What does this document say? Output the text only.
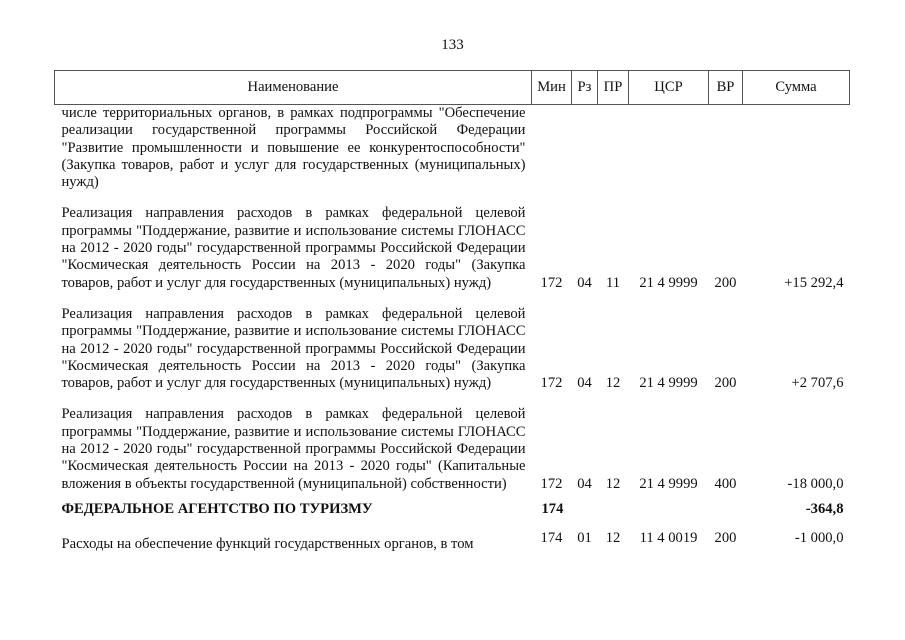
133
Наименование	Мин	Рз	ПР	ЦСР	ВР	Сумма
числе территориальных органов, в рамках подпрограммы "Обеспечение реализации государственной программы Российской Федерации "Развитие промышленности и повышение ее конкурентоспособности" (Закупка товаров, работ и услуг для государственных (муниципальных) нужд)						

Реализация направления расходов в рамках федеральной целевой программы "Поддержание, развитие и использование системы ГЛОНАСС на 2012 - 2020 годы" государственной программы Российской Федерации "Космическая деятельность России на 2013 - 2020 годы" (Закупка товаров, работ и услуг для государственных (муниципальных) нужд)	172	04	11	21 4 9999	200	+15 292,4

Реализация направления расходов в рамках федеральной целевой программы "Поддержание, развитие и использование системы ГЛОНАСС на 2012 - 2020 годы" государственной программы Российской Федерации "Космическая деятельность России на 2013 - 2020 годы" (Закупка товаров, работ и услуг для государственных (муниципальных) нужд)	172	04	12	21 4 9999	200	+2 707,6

Реализация направления расходов в рамках федеральной целевой программы "Поддержание, развитие и использование системы ГЛОНАСС на 2012 - 2020 годы" государственной программы Российской Федерации "Космическая деятельность России на 2013 - 2020 годы" (Капитальные вложения в объекты государственной (муниципальной) собственности)	172	04	12	21 4 9999	400	-18 000,0

ФЕДЕРАЛЬНОЕ АГЕНТСТВО ПО ТУРИЗМУ	174					-364,8

Расходы на обеспечение функций государственных органов, в том	174	01	12	11 4 0019	200	-1 000,0
